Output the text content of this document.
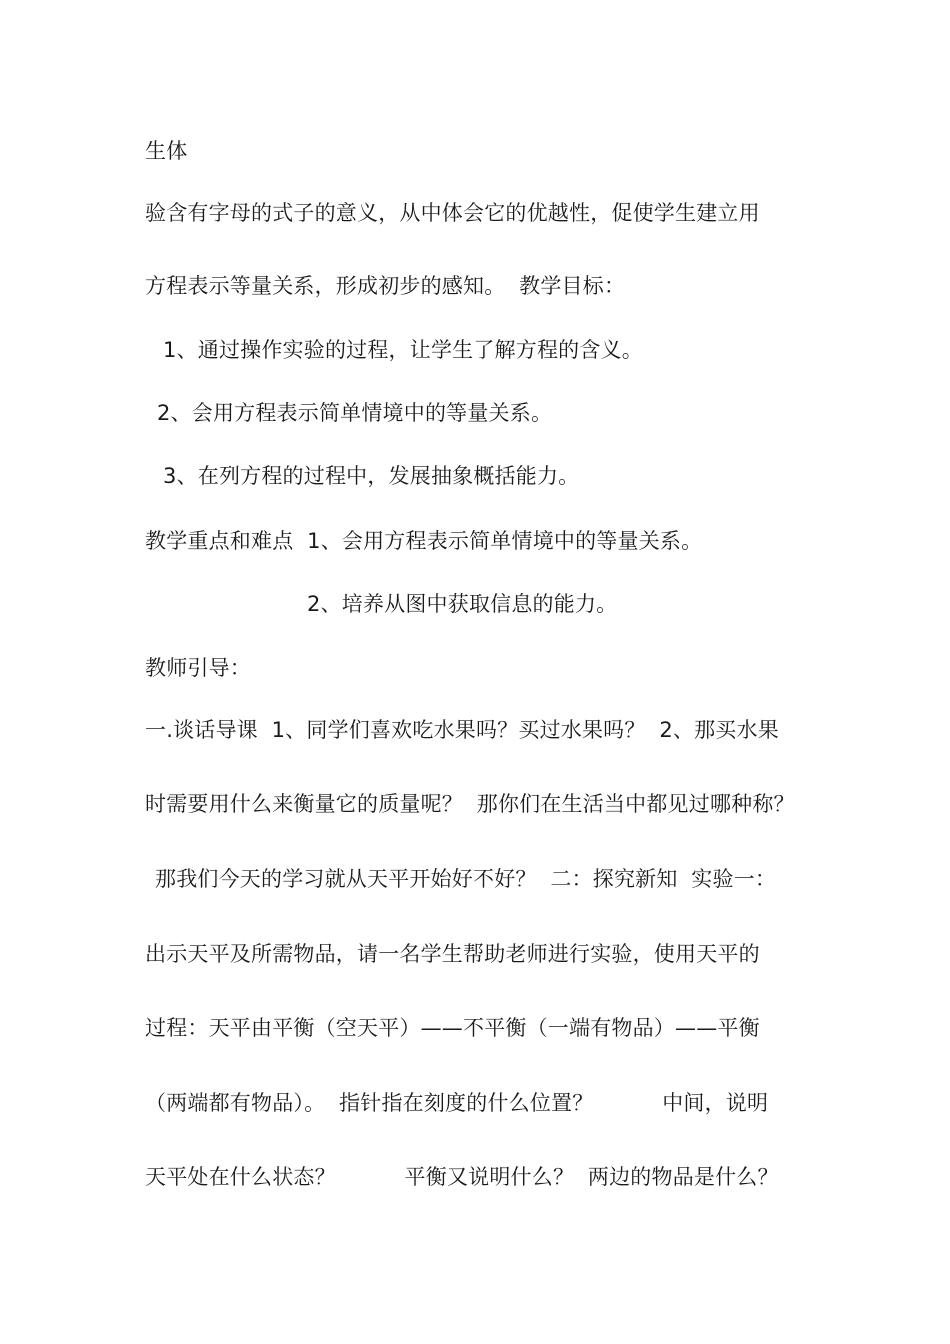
生体
验含有字母的式子的意义，从中体会它的优越性，促使学生建立用
方程表示等量关系，形成初步的感知。  教学目标：
1、通过操作实验的过程，让学生了解方程的含义。
2、会用方程表示简单情境中的等量关系。
3、在列方程的过程中，发展抽象概括能力。
教学重点和难点  1、会用方程表示简单情境中的等量关系。
2、培养从图中获取信息的能力。
教师引导：
一.谈话导课  1、同学们喜欢吃水果吗？买过水果吗？  2、那买水果
时需要用什么来衡量它的质量呢？  那你们在生活当中都见过哪种称？
那我们今天的学习就从天平开始好不好？  二：探究新知  实验一：
出示天平及所需物品，请一名学生帮助老师进行实验，使用天平的
过程：天平由平衡（空天平）——不平衡（一端有物品）——平衡
（两端都有物品）。  指针指在刻度的什么位置？          中间，说明
天平处在什么状态？          平衡又说明什么？  两边的物品是什么？
